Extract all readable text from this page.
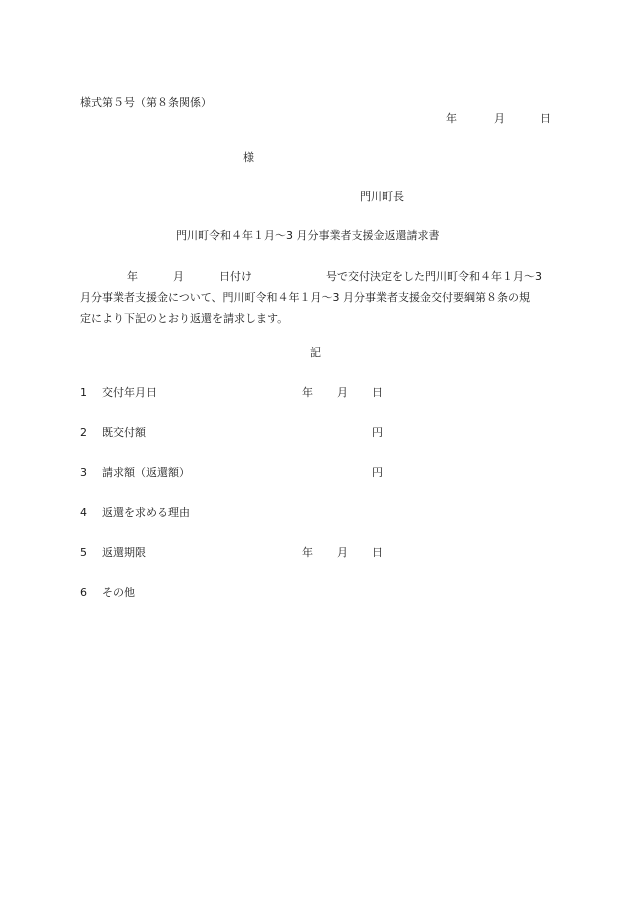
様式第５号（第８条関係）
年	月	日
様
門川町長
門川町令和４年１月〜3 月分事業者支援金返還請求書
年	月	日付け	号で交付決定をした門川町令和４年１月〜3
月分事業者支援金について、門川町令和４年１月〜3 月分事業者支援金交付要綱第８条の規
定により下記のとおり返還を請求します。
記
1 交付年月日	年 月 日
2 既交付額	円
3 請求額（返還額）	円
4 返還を求める理由
5 返還期限	年 月 日
6 その他
